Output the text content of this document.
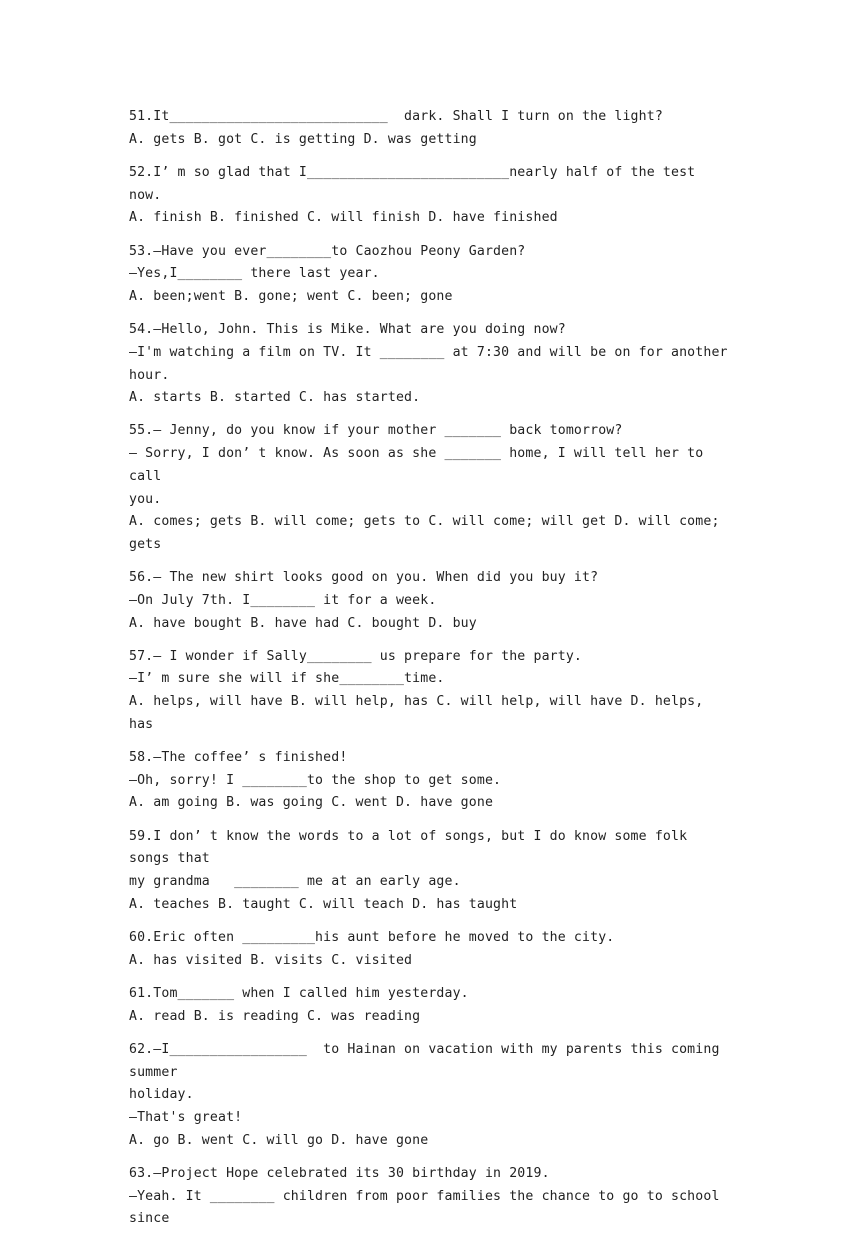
51.It___________________________  dark. Shall I turn on the light?
A. gets B. got C. is getting D. was getting
52.I’ m so glad that I_________________________nearly half of the test now.
A. finish B. finished C. will finish D. have finished
53.—Have you ever________to Caozhou Peony Garden?
—Yes,I________ there last year.
A. been;went B. gone; went C. been; gone
54.—Hello, John. This is Mike. What are you doing now?
—I'm watching a film on TV. It ________ at 7:30 and will be on for another hour.
A. starts B. started C. has started.
55.— Jenny, do you know if your mother _______ back tomorrow?
— Sorry, I don’ t know. As soon as she _______ home, I will tell her to call
you.
A. comes; gets B. will come; gets to C. will come; will get D. will come;
gets
56.— The new shirt looks good on you. When did you buy it?
—On July 7th. I________ it for a week.
A. have bought B. have had C. bought D. buy
57.— I wonder if Sally________ us prepare for the party.
—I’ m sure she will if she________time.
A. helps, will have B. will help, has C. will help, will have D. helps,
has
58.—The coffee’ s finished!
—Oh, sorry! I ________to the shop to get some.
A. am going B. was going C. went D. have gone
59.I don’ t know the words to a lot of songs, but I do know some folk songs that
my grandma   ________ me at an early age.
A. teaches B. taught C. will teach D. has taught
60.Eric often _________his aunt before he moved to the city.
A. has visited B. visits C. visited
61.Tom_______ when I called him yesterday.
A. read B. is reading C. was reading
62.—I_________________  to Hainan on vacation with my parents this coming summer
holiday.
—That's great!
A. go B. went C. will go D. have gone
63.—Project Hope celebrated its 30 birthday in 2019.
—Yeah. It ________ children from poor families the chance to go to school since
